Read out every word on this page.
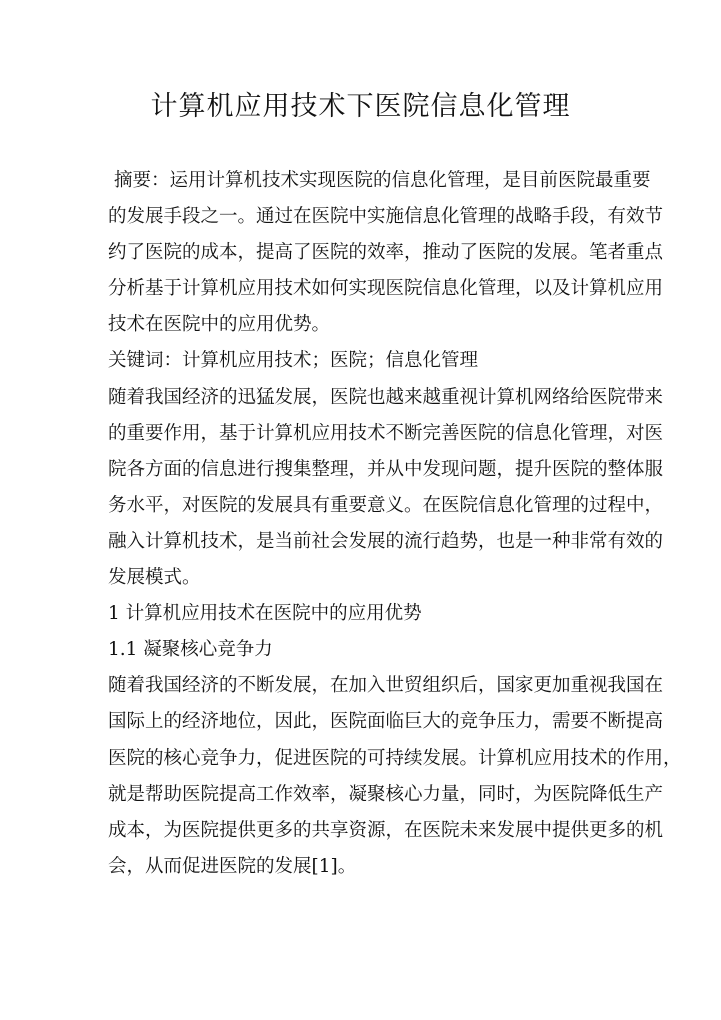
计算机应用技术下医院信息化管理
摘要：运用计算机技术实现医院的信息化管理，是目前医院最重要
的发展手段之一。通过在医院中实施信息化管理的战略手段，有效节
约了医院的成本，提高了医院的效率，推动了医院的发展。笔者重点
分析基于计算机应用技术如何实现医院信息化管理，以及计算机应用
技术在医院中的应用优势。
关键词：计算机应用技术；医院；信息化管理
随着我国经济的迅猛发展，医院也越来越重视计算机网络给医院带来
的重要作用，基于计算机应用技术不断完善医院的信息化管理，对医
院各方面的信息进行搜集整理，并从中发现问题，提升医院的整体服
务水平，对医院的发展具有重要意义。在医院信息化管理的过程中，
融入计算机技术，是当前社会发展的流行趋势，也是一种非常有效的
发展模式。
1 计算机应用技术在医院中的应用优势
1.1 凝聚核心竞争力
随着我国经济的不断发展，在加入世贸组织后，国家更加重视我国在
国际上的经济地位，因此，医院面临巨大的竞争压力，需要不断提高
医院的核心竞争力，促进医院的可持续发展。计算机应用技术的作用，
就是帮助医院提高工作效率，凝聚核心力量，同时，为医院降低生产
成本，为医院提供更多的共享资源，在医院未来发展中提供更多的机
会，从而促进医院的发展[1]。
